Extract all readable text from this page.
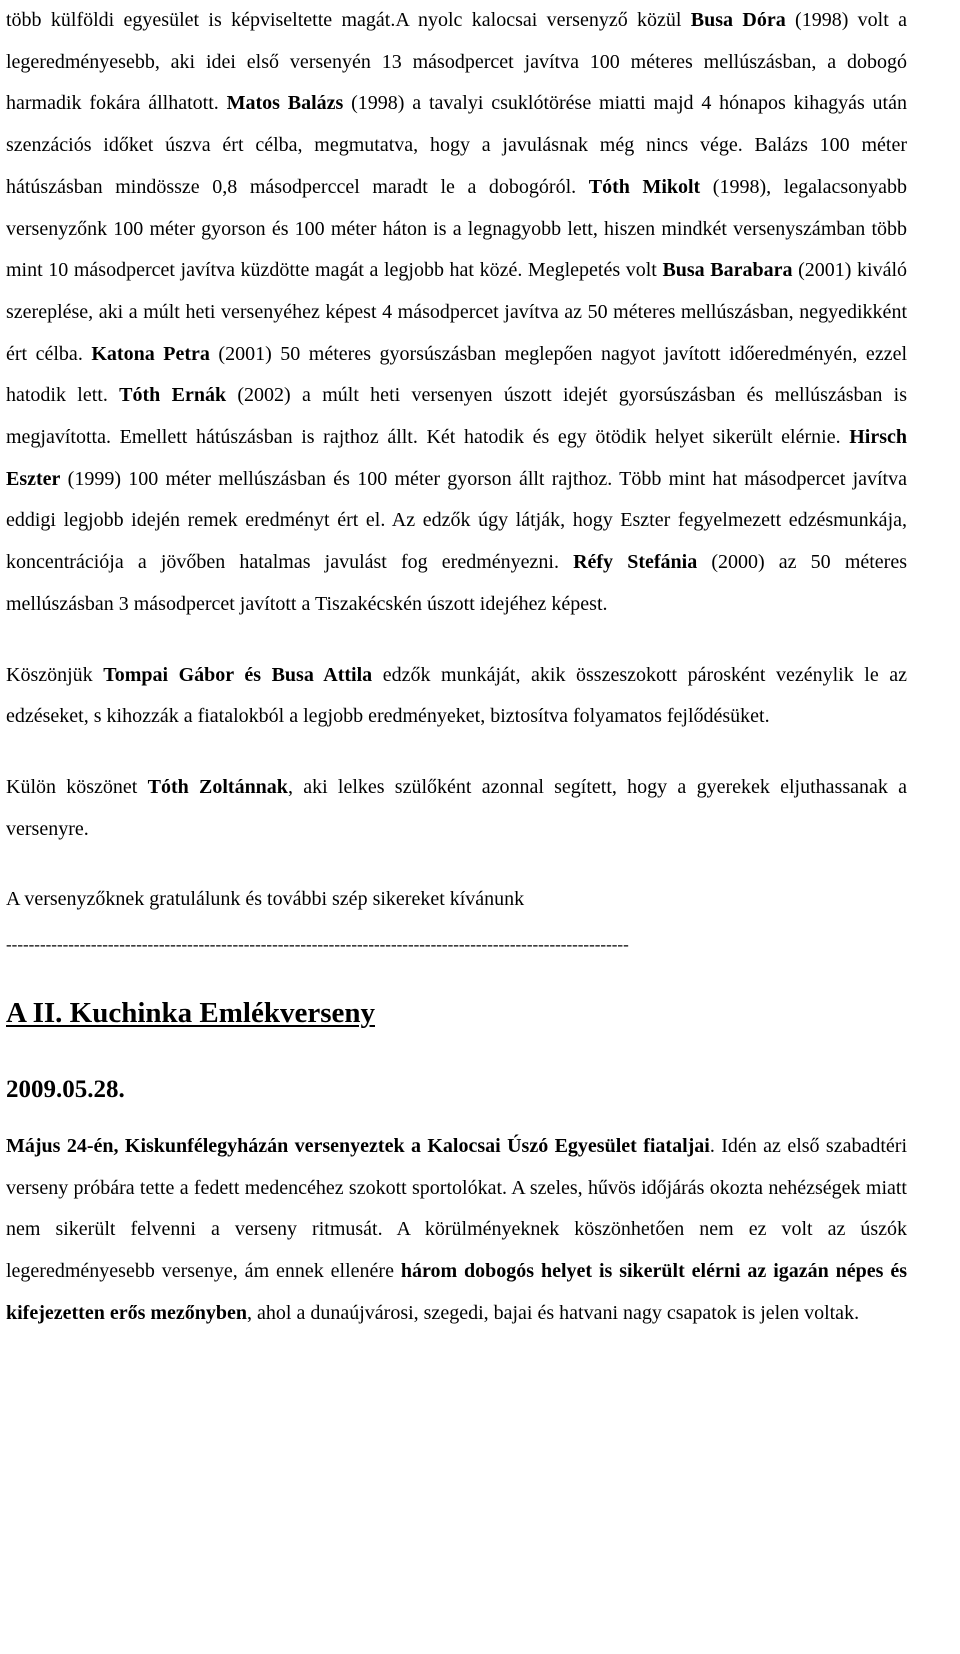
több külföldi egyesület is képviseltette magát.A nyolc kalocsai versenyző közül Busa Dóra (1998) volt a legeredményesebb, aki idei első versenyén 13 másodpercet javítva 100 méteres mellúszásban, a dobogó harmadik fokára állhatott. Matos Balázs (1998) a tavalyi csuklótörése miatti majd 4 hónapos kihagyás után szenzációs időket úszva ért célba, megmutatva, hogy a javulásnak még nincs vége. Balázs 100 méter hátúszásban mindössze 0,8 másodperccel maradt le a dobogóról. Tóth Mikolt (1998), legalacsonyabb versenyzőnk 100 méter gyorson és 100 méter háton is a legnagyobb lett, hiszen mindkét versenyszámban több mint 10 másodpercet javítva küzdötte magát a legjobb hat közé. Meglepetés volt Busa Barabara (2001) kiváló szereplése, aki a múlt heti versenyéhez képest 4 másodpercet javítva az 50 méteres mellúszásban, negyedikként ért célba. Katona Petra (2001) 50 méteres gyorsúszásban meglepően nagyot javított időeredményén, ezzel hatodik lett. Tóth Ernák (2002) a múlt heti versenyen úszott idejét gyorsúszásban és mellúszásban is megjavította. Emellett hátúszásban is rajthoz állt. Két hatodik és egy ötödik helyet sikerült elérnie. Hirsch Eszter (1999) 100 méter mellúszásban és 100 méter gyorson állt rajthoz. Több mint hat másodpercet javítva eddigi legjobb idején remek eredményt ért el. Az edzők úgy látják, hogy Eszter fegyelmezett edzésmunkája, koncentrációja a jövőben hatalmas javulást fog eredményezni. Réfy Stefánia (2000) az 50 méteres mellúszásban 3 másodpercet javított a Tiszakécskén úszott idejéhez képest.

Köszönjük Tompai Gábor és Busa Attila edzők munkáját, akik összeszokott párosként vezénylik le az edzéseket, s kihozzák a fiatalokból a legjobb eredményeket, biztosítva folyamatos fejlődésüket.

Külön köszönet Tóth Zoltánnak, aki lelkes szülőként azonnal segített, hogy a gyerekek eljuthassanak a versenyre.

A versenyzőknek gratulálunk és további szép sikereket kívánunk

--------------------------------------------------------------------------------------------------------------
A II. Kuchinka Emlékverseny
2009.05.28.

Május 24-én, Kiskunfélegyházán versenyeztek a Kalocsai Úszó Egyesület fiataljai. Idén az első szabadtéri verseny próbára tette a fedett medencéhez szokott sportolókat. A szeles, hűvös időjárás okozta nehézségek miatt nem sikerült felvenni a verseny ritmusát. A körülményeknek köszönhetően nem ez volt az úszók legeredményesebb versenye, ám ennek ellenére három dobogós helyet is sikerült elérni az igazán népes és kifejezetten erős mezőnyben, ahol a dunaújvárosi, szegedi, bajai és hatvani nagy csapatok is jelen voltak.
